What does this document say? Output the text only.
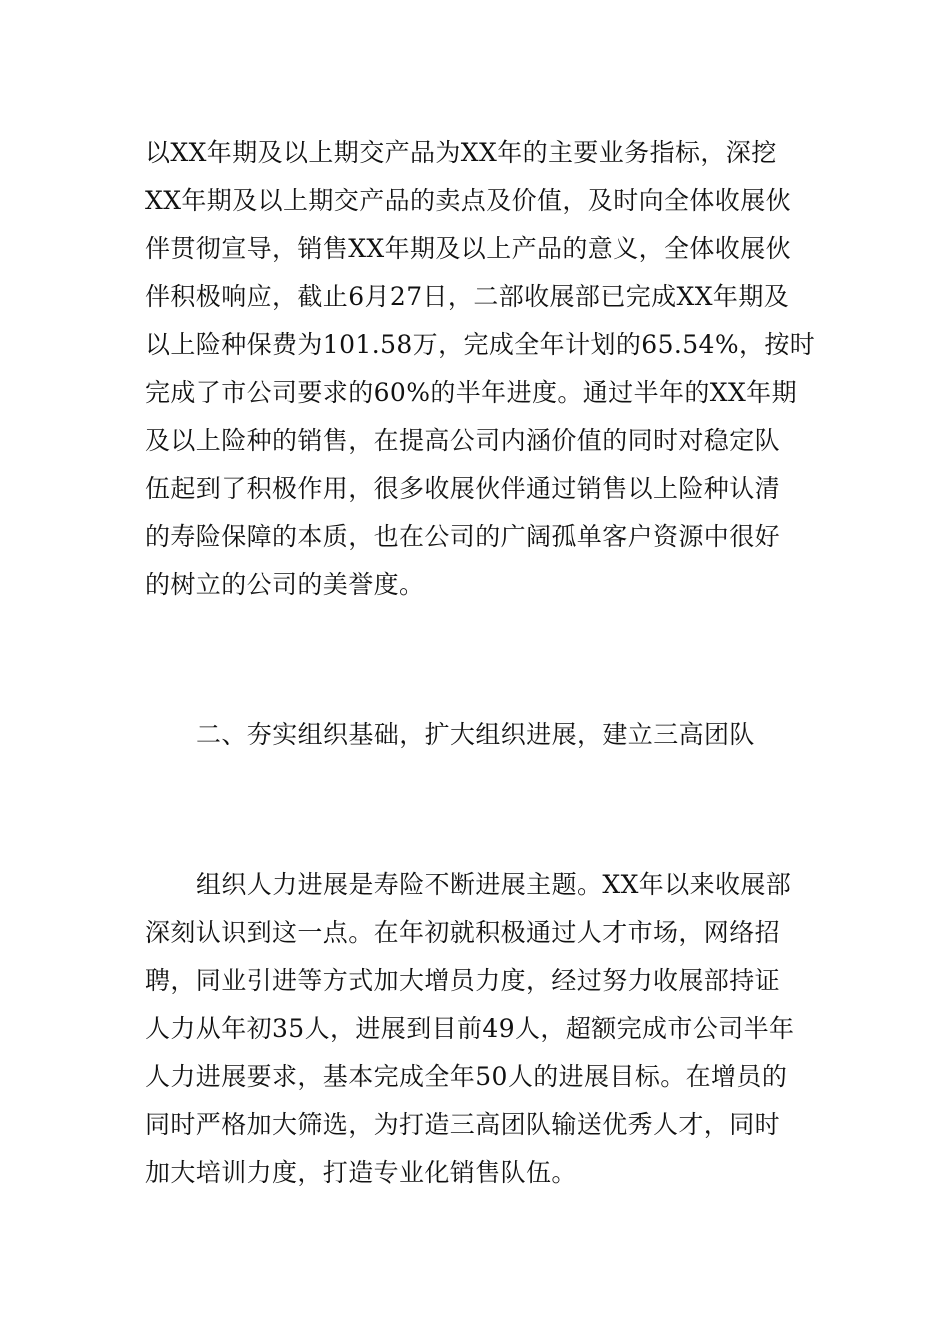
以XX年期及以上期交产品为XX年的主要业务指标，深挖
XX年期及以上期交产品的卖点及价值，及时向全体收展伙
伴贯彻宣导，销售XX年期及以上产品的意义，全体收展伙
伴积极响应，截止6月27日，二部收展部已完成XX年期及
以上险种保费为101.58万，完成全年计划的65.54%，按时
完成了市公司要求的60%的半年进度。通过半年的XX年期
及以上险种的销售，在提高公司内涵价值的同时对稳定队
伍起到了积极作用，很多收展伙伴通过销售以上险种认清
的寿险保障的本质，也在公司的广阔孤单客户资源中很好
的树立的公司的美誉度。
二、夯实组织基础，扩大组织进展，建立三高团队
组织人力进展是寿险不断进展主题。XX年以来收展部
深刻认识到这一点。在年初就积极通过人才市场，网络招
聘，同业引进等方式加大增员力度，经过努力收展部持证
人力从年初35人，进展到目前49人，超额完成市公司半年
人力进展要求，基本完成全年50人的进展目标。在增员的
同时严格加大筛选，为打造三高团队输送优秀人才，同时
加大培训力度，打造专业化销售队伍。
